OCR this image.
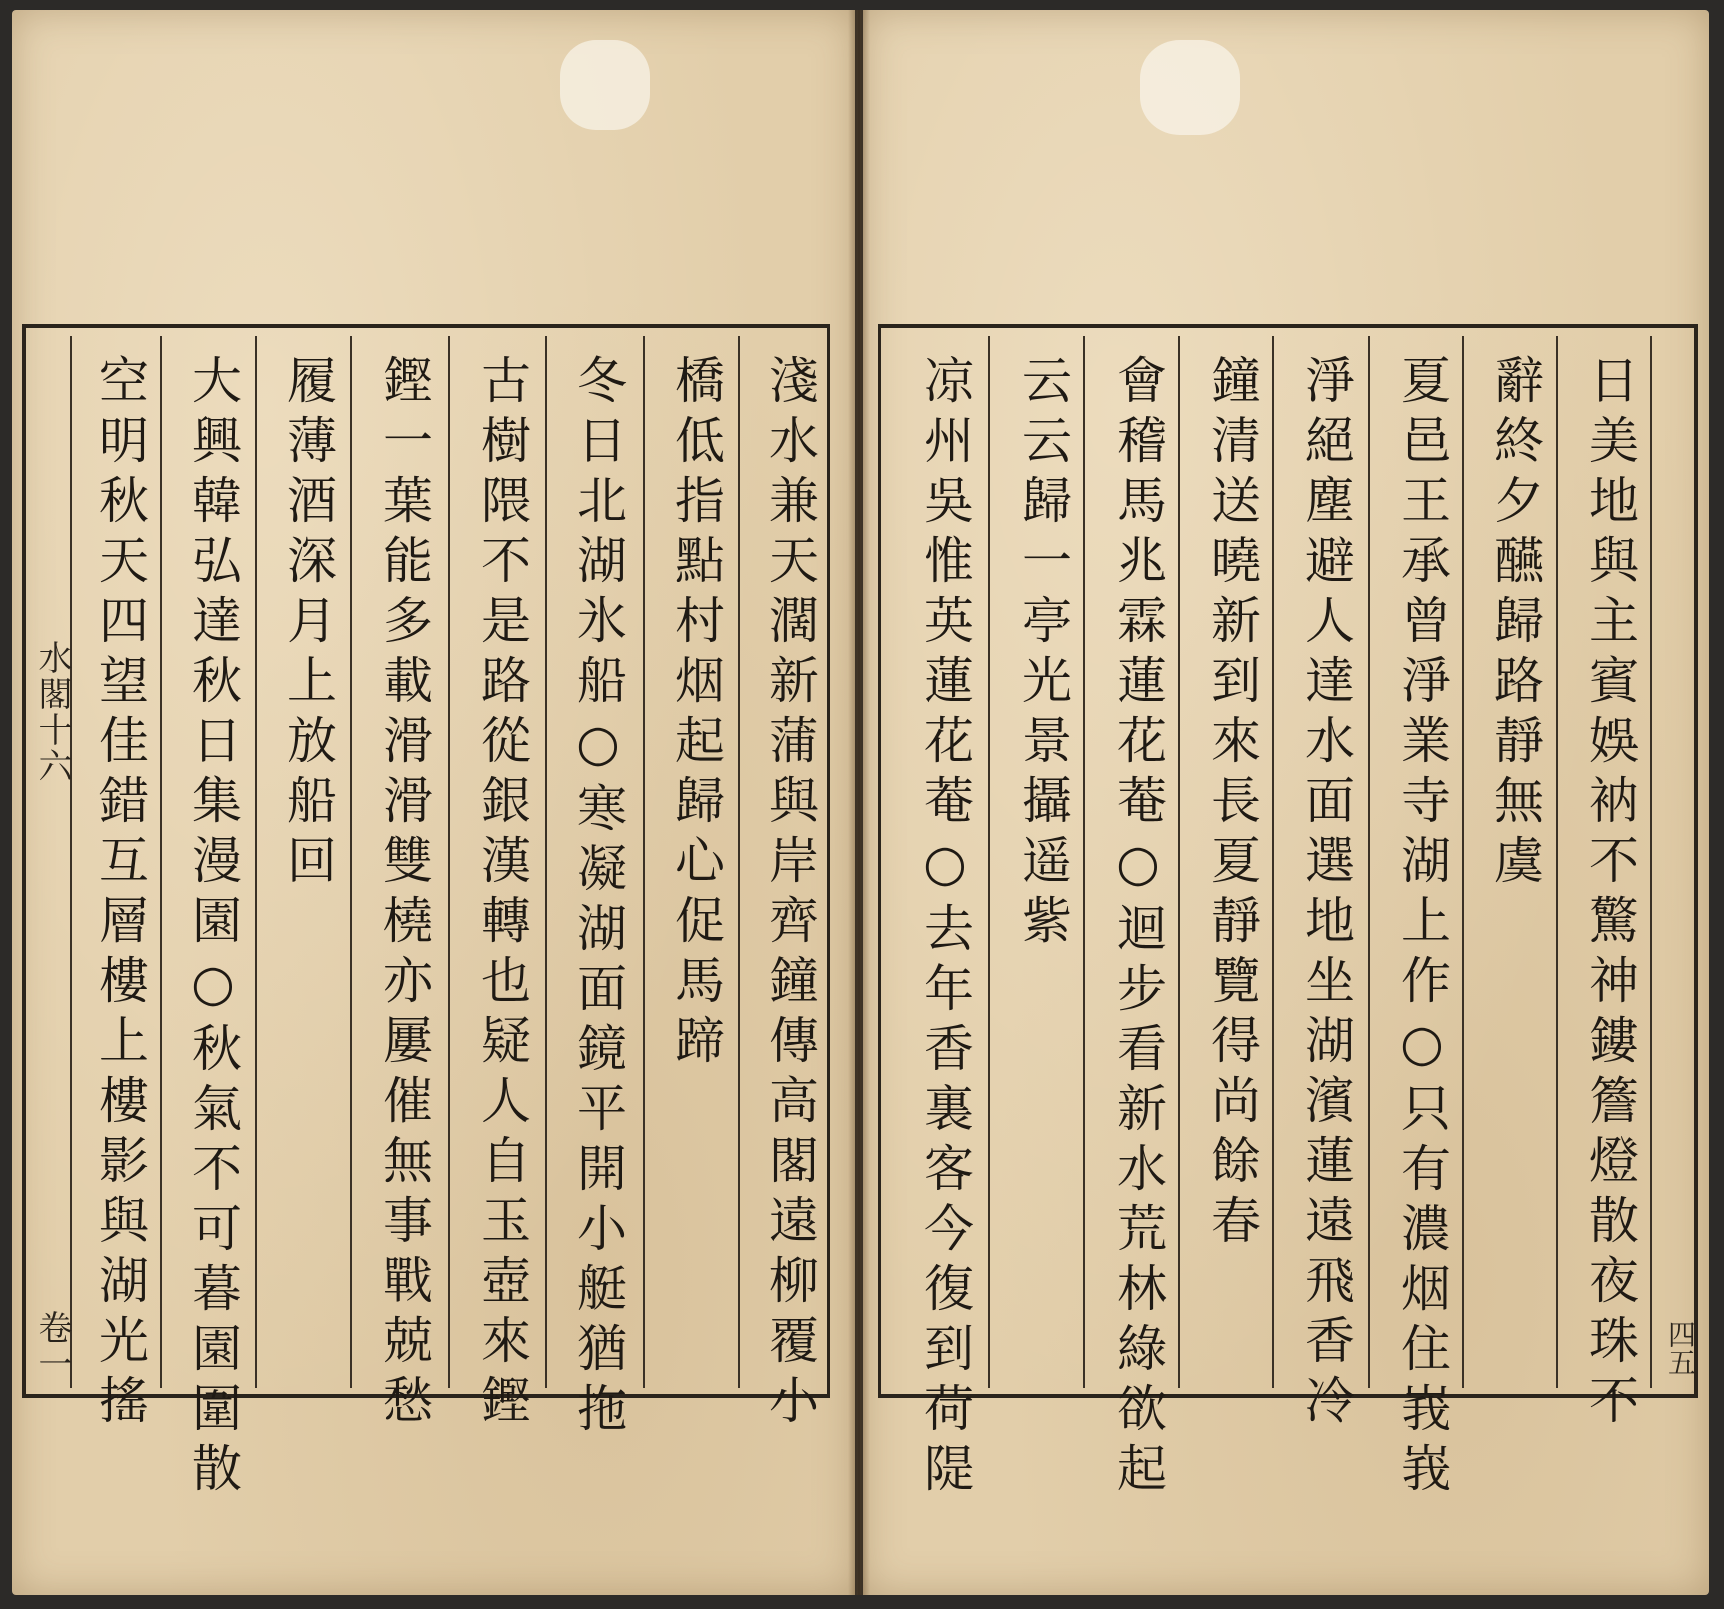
日美地與主賓娛衲不驚神鏤簷燈散夜珠不
辭終夕醼歸路靜無虞
夏邑王承曾淨業寺湖上作○只有濃烟住峩峩
淨絕塵避人達水面選地坐湖濱蓮遠飛香冷
鐘清送曉新到來長夏靜覽得尚餘春
會稽馬兆霖蓮花菴○迴步看新水荒林綠欲起
云云歸一亭光景攝遥紫
凉州吳惟英蓮花菴○去年香裏客今復到荷隄
淺水兼天濶新蒲與岸齊鐘傳高閣遠柳覆小
橋低指點村烟起歸心促馬蹄
冬日北湖氷船○寒凝湖面鏡平開小艇猶拖
古樹隈不是路從銀漢轉也疑人自玉壺來鏗
鏗一葉能多載滑滑雙橈亦屢催無事戰兢愁
履薄酒深月上放船回
大興韓弘達秋日集漫園○秋氣不可暮園圍散
空明秋天四望佳錯互層樓上樓影與湖光搖
水閣十六
卷一	四五
